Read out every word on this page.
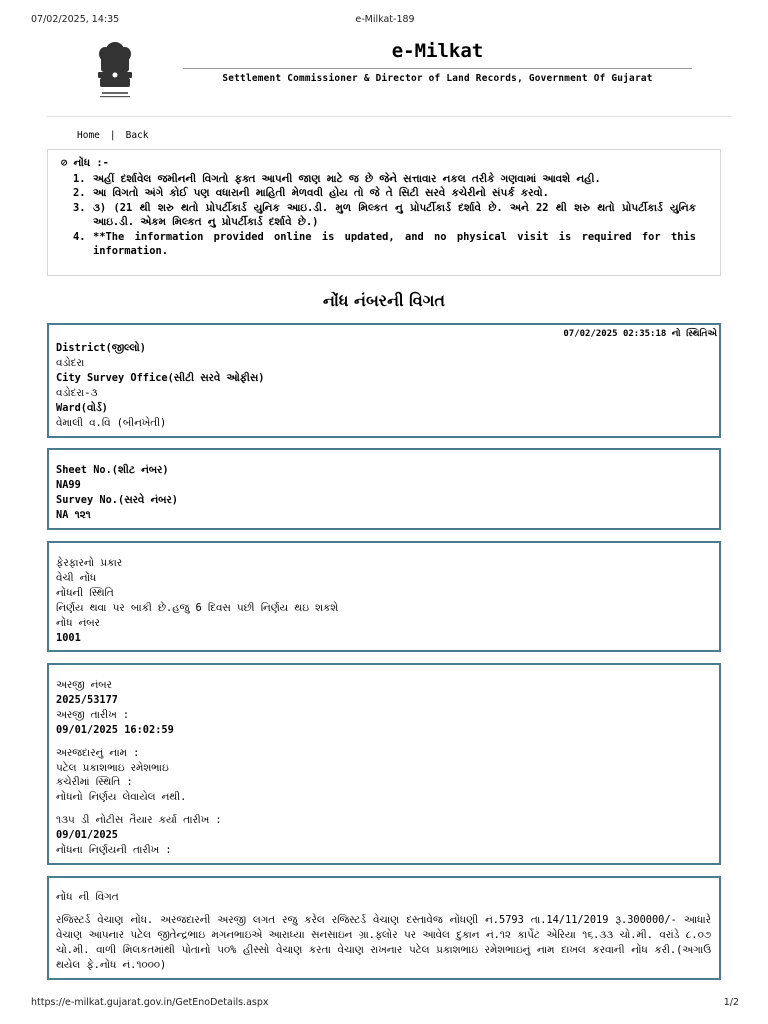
07/02/2025, 14:35	e-Milkat-189
e-Milkat
Settlement Commissioner & Director of Land Records, Government Of Gujarat
Home | Back
⊘ નોંધ :-
1. અહીં દર્શાવેલ જમીનની વિગતો ફક્ત આપની જાણ માટે જ છે જેને સત્તાવાર નકલ તરીકે ગણવામાં આવશે નહી.
2. આ વિગતો અંગે કોઈ પણ વધારાની માહિતી મેળવવી હોય તો જે તે સિટી સરવે કચેરીનો સંપર્ક કરવો.
3. ૩) (21 થી શરુ થતો પ્રોપર્ટીકાર્ડ યુનિક આઇ.ડી. મુળ મિલ્કત નુ પ્રોપર્ટીકાર્ડ દર્શાવે છે. અને 22 થી શરુ થતો પ્રોપર્ટીકાર્ડ યુનિક આઇ.ડી. એકમ મિલ્કત નુ પ્રોપર્ટીકાર્ડ દર્શાવે છે.)
4. **The information provided online is updated, and no physical visit is required for this information.
નોંધ નંબરની વિગત
07/02/2025 02:35:18 નો સ્થિતિએ
District(જીલ્લો)
વડોદરા
City Survey Office(સીટી સરવે ઓફીસ)
વડોદરા-૩
Ward(વોર્ડ)
વેમાલી વ.વિ (બીનખેતી)
Sheet No.(શીટ નંબર)
NA99
Survey No.(સરવે નંબર)
NA ૧૨૧
ફેરફારનો પ્રકાર
વેચી નોંધ
નોંધની સ્થિતિ
નિર્ણય થવા પર બાકી છે.હજુ 6 દિવસ પછી નિર્ણય થઇ શકશે
નોંધ નંબર
1001
અરજી નંબર
2025/53177
અરજી તારીખ :
09/01/2025 16:02:59
અરજદારનું નામ :
પટેલ પ્રકાશભાઇ રમેશભાઇ
કચેરીમાં સ્થિતિ :
નોંધનો નિર્ણય લેવાયેલ નથી.
૧૩૫ ડી નોટીસ તૈયાર કર્યા તારીખ :
09/01/2025
નોંધના નિર્ણયની તારીખ :
નોંધ ની વિગત
રજિસ્ટર્ડ વેચાણ નોંધ. અરજદારની અરજી લગત રજુ કરેલ રજિસ્ટર્ડ વેચાણ દસ્તાવેજ નોંધણી નં.5793 તા.14/11/2019 રૂ.300000/- આધારે વેચાણ આપનાર પટેલ જીતેન્દ્રભાઇ મગનભાઇએ આરાધ્યા સનસાઇન ગ્રા.ફ્લોર પર આવેલ દુકાન નં.૧૨ કાર્પેટ એરિયા ૧૬.૩૩ ચો.મી. વરાંડે ૮.૦૭ ચો.મી. વાળી મિલકતમાંથી પોતાનો ૫૦% હીસ્સો વેચાણ કરતા વેચાણ રાખનાર પટેલ પ્રકાશભાઇ રમેશભાઇનું નામ દાખલ કરવાની નોંધ કરી.(અગાઉ થયેલ ફે.નોંધ નં.૧૦૦૦)
https://e-milkat.gujarat.gov.in/GetEnoDetails.aspx	1/2
